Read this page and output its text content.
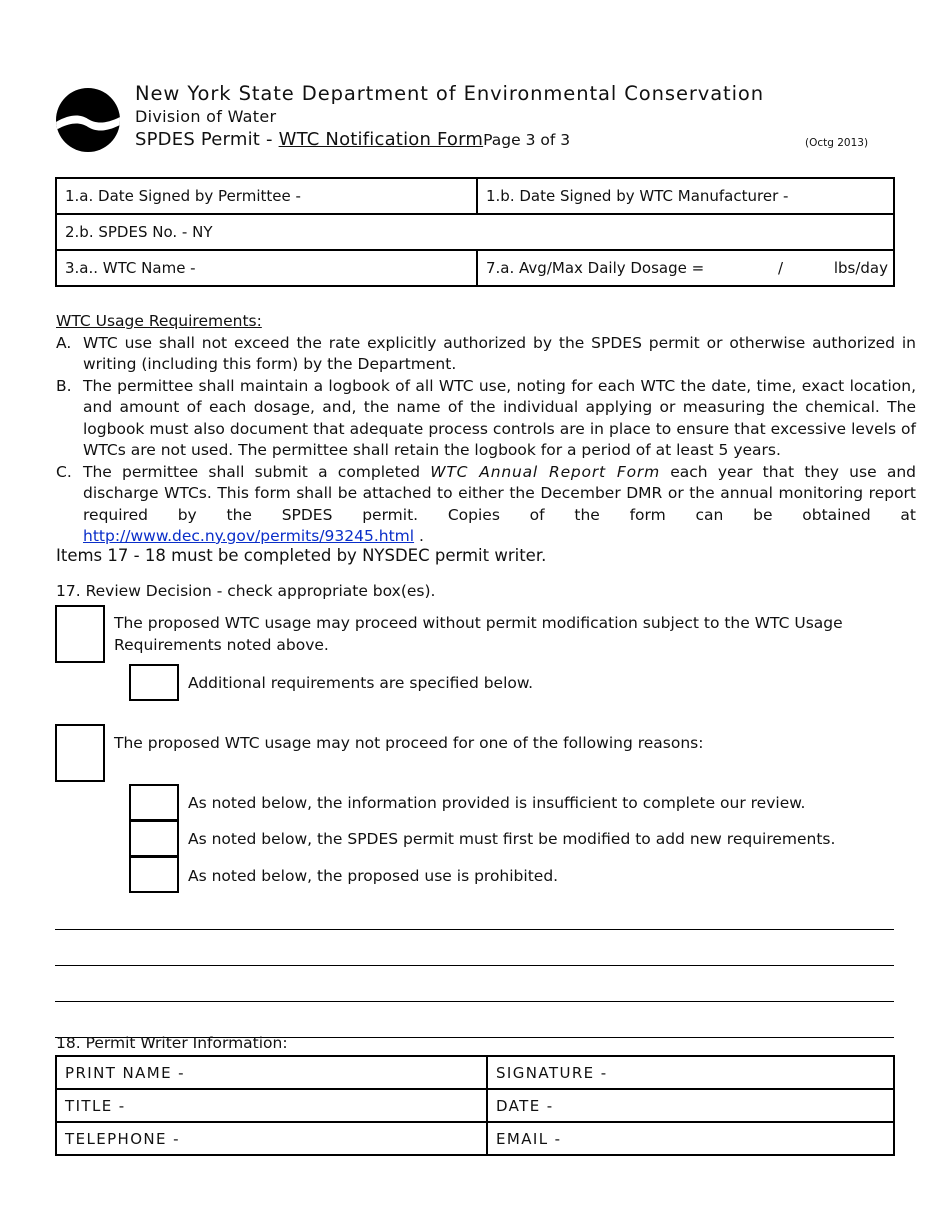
New York State Department of Environmental Conservation
Division of Water
SPDES Permit - WTC Notification FormPage 3 of 3	(Octg 2013)
1.a. Date Signed by Permittee -	1.b. Date Signed by WTC Manufacturer -
2.b. SPDES No. - NY	
3.a.. WTC Name -	7.a. Avg/Max Daily Dosage = / lbs/day
WTC Usage Requirements:
A. WTC use shall not exceed the rate explicitly authorized by the SPDES permit or otherwise authorized in writing (including this form) by the Department.
B. The permittee shall maintain a logbook of all WTC use, noting for each WTC the date, time, exact location, and amount of each dosage, and, the name of the individual applying or measuring the chemical. The logbook must also document that adequate process controls are in place to ensure that excessive levels of WTCs are not used. The permittee shall retain the logbook for a period of at least 5 years.
C. The permittee shall submit a completed WTC Annual Report Form each year that they use and discharge WTCs. This form shall be attached to either the December DMR or the annual monitoring report required by the SPDES permit. Copies of the form can be obtained at http://www.dec.ny.gov/permits/93245.html .
Items 17 - 18 must be completed by NYSDEC permit writer.
17. Review Decision - check appropriate box(es).
The proposed WTC usage may proceed without permit modification subject to the WTC Usage
Requirements noted above.
Additional requirements are specified below.
The proposed WTC usage may not proceed for one of the following reasons:
As noted below, the information provided is insufficient to complete our review.
As noted below, the SPDES permit must first be modified to add new requirements.
As noted below, the proposed use is prohibited.
18. Permit Writer Information:
PRINT NAME -	SIGNATURE -
TITLE -	DATE -
TELEPHONE -	EMAIL -
